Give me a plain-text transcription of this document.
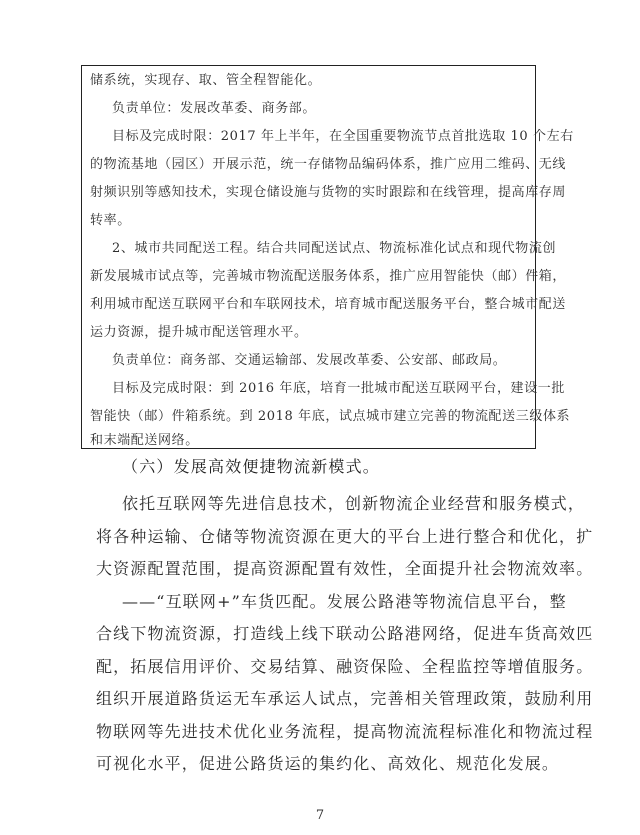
储系统，实现存、取、管全程智能化。
负责单位：发展改革委、商务部。
目标及完成时限：2017 年上半年，在全国重要物流节点首批选取 10 个左右
的物流基地（园区）开展示范，统一存储物品编码体系，推广应用二维码、无线
射频识别等感知技术，实现仓储设施与货物的实时跟踪和在线管理，提高库存周
转率。
2、城市共同配送工程。结合共同配送试点、物流标准化试点和现代物流创
新发展城市试点等，完善城市物流配送服务体系，推广应用智能快（邮）件箱，
利用城市配送互联网平台和车联网技术，培育城市配送服务平台，整合城市配送
运力资源，提升城市配送管理水平。
负责单位：商务部、交通运输部、发展改革委、公安部、邮政局。
目标及完成时限：到 2016 年底，培育一批城市配送互联网平台，建设一批
智能快（邮）件箱系统。到 2018 年底，试点城市建立完善的物流配送三级体系
和末端配送网络。
（六）发展高效便捷物流新模式。
依托互联网等先进信息技术，创新物流企业经营和服务模式，
将各种运输、仓储等物流资源在更大的平台上进行整合和优化，扩
大资源配置范围，提高资源配置有效性，全面提升社会物流效率。
——“互联网+”车货匹配。发展公路港等物流信息平台，整
合线下物流资源，打造线上线下联动公路港网络，促进车货高效匹
配，拓展信用评价、交易结算、融资保险、全程监控等增值服务。
组织开展道路货运无车承运人试点，完善相关管理政策，鼓励利用
物联网等先进技术优化业务流程，提高物流流程标准化和物流过程
可视化水平，促进公路货运的集约化、高效化、规范化发展。
7
